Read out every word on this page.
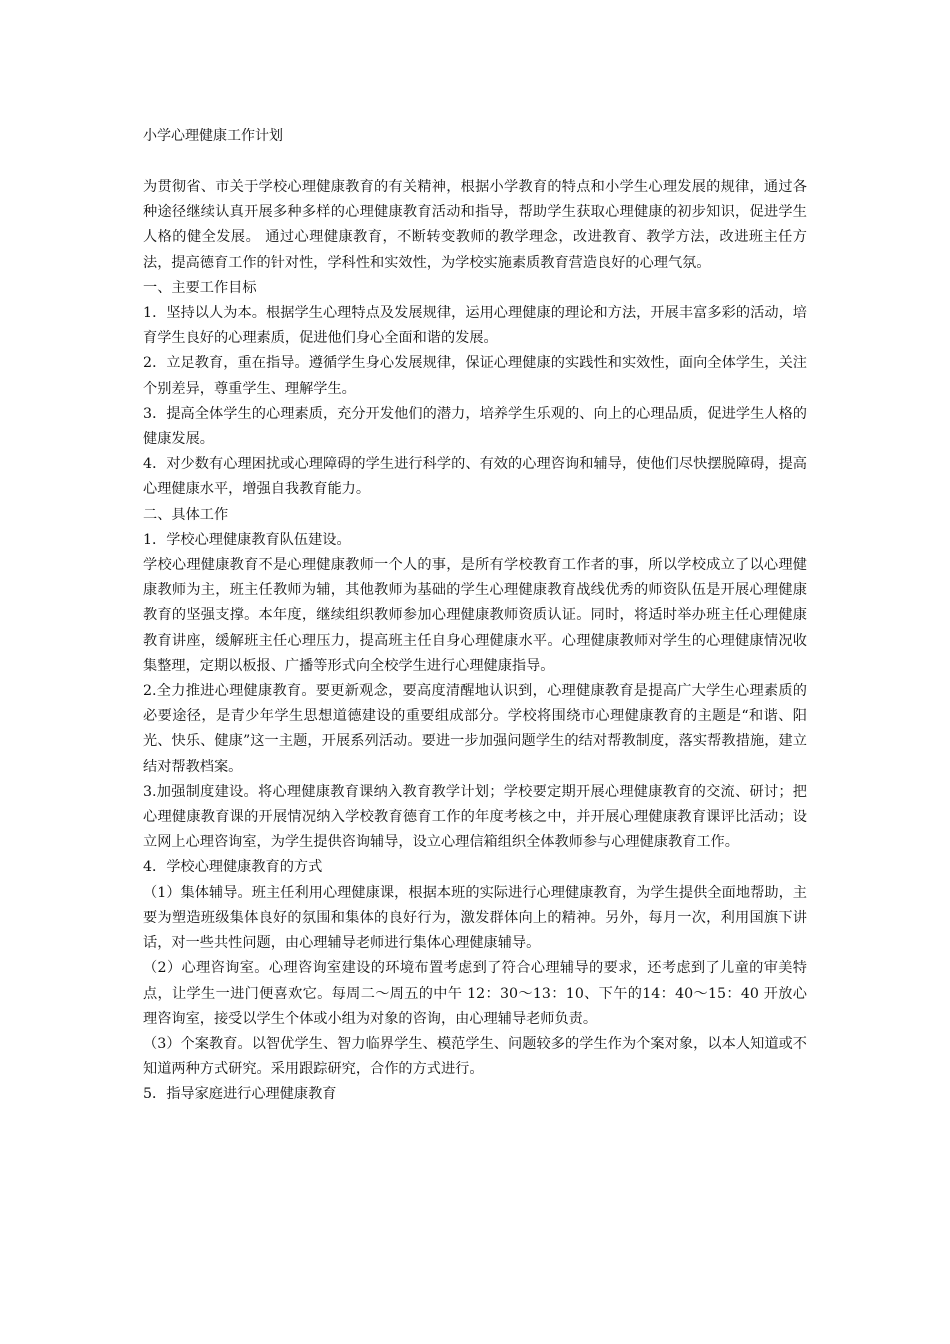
小学心理健康工作计划

为贯彻省、市关于学校心理健康教育的有关精神，根据小学教育的特点和小学生心理发展的规律，通过各种途径继续认真开展多种多样的心理健康教育活动和指导，帮助学生获取心理健康的初步知识，促进学生人格的健全发展。 通过心理健康教育，不断转变教师的教学理念，改进教育、教学方法，改进班主任方法，提高德育工作的针对性，学科性和实效性，为学校实施素质教育营造良好的心理气氛。

一、主要工作目标

1．坚持以人为本。根据学生心理特点及发展规律，运用心理健康的理论和方法，开展丰富多彩的活动，培育学生良好的心理素质，促进他们身心全面和谐的发展。

2．立足教育，重在指导。遵循学生身心发展规律，保证心理健康的实践性和实效性，面向全体学生，关注个别差异，尊重学生、理解学生。

3．提高全体学生的心理素质，充分开发他们的潜力，培养学生乐观的、向上的心理品质，促进学生人格的健康发展。

4．对少数有心理困扰或心理障碍的学生进行科学的、有效的心理咨询和辅导，使他们尽快摆脱障碍，提高心理健康水平，增强自我教育能力。

二、具体工作

1．学校心理健康教育队伍建设。

学校心理健康教育不是心理健康教师一个人的事，是所有学校教育工作者的事，所以学校成立了以心理健康教师为主，班主任教师为辅，其他教师为基础的学生心理健康教育战线优秀的师资队伍是开展心理健康教育的坚强支撑。本年度，继续组织教师参加心理健康教师资质认证。同时，将适时举办班主任心理健康教育讲座，缓解班主任心理压力，提高班主任自身心理健康水平。心理健康教师对学生的心理健康情况收集整理，定期以板报、广播等形式向全校学生进行心理健康指导。

2.全力推进心理健康教育。要更新观念，要高度清醒地认识到，心理健康教育是提高广大学生心理素质的必要途径，是青少年学生思想道德建设的重要组成部分。学校将围绕市心理健康教育的主题是“和谐、阳光、快乐、健康”这一主题，开展系列活动。要进一步加强问题学生的结对帮教制度，落实帮教措施，建立结对帮教档案。

3.加强制度建设。将心理健康教育课纳入教育教学计划；学校要定期开展心理健康教育的交流、研讨；把心理健康教育课的开展情况纳入学校教育德育工作的年度考核之中，并开展心理健康教育课评比活动；设立网上心理咨询室，为学生提供咨询辅导，设立心理信箱组织全体教师参与心理健康教育工作。

4．学校心理健康教育的方式

（1）集体辅导。班主任利用心理健康课，根据本班的实际进行心理健康教育，为学生提供全面地帮助，主要为塑造班级集体良好的氛围和集体的良好行为，激发群体向上的精神。另外，每月一次，利用国旗下讲话，对一些共性问题，由心理辅导老师进行集体心理健康辅导。

（2）心理咨询室。心理咨询室建设的环境布置考虑到了符合心理辅导的要求，还考虑到了儿童的审美特点，让学生一进门便喜欢它。每周二～周五的中午 12：30～13：10、下午的14：40～15：40 开放心理咨询室，接受以学生个体或小组为对象的咨询，由心理辅导老师负责。

（3）个案教育。以智优学生、智力临界学生、模范学生、问题较多的学生作为个案对象，以本人知道或不知道两种方式研究。采用跟踪研究，合作的方式进行。

5．指导家庭进行心理健康教育
